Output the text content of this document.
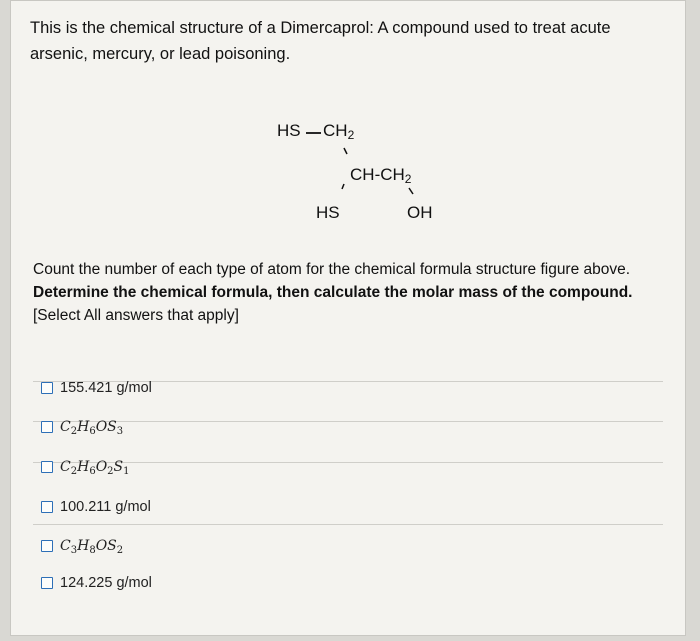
This is the chemical structure of a Dimercaprol: A compound used to treat acute arsenic, mercury, or lead poisoning.
HS $CH_2$
$CH-CH_2$
HS	OH
Count the number of each type of atom for the chemical formula structure figure above. Determine the chemical formula, then calculate the molar mass of the compound. [Select All answers that apply]
155.421 g/mol
$C_2H_6OS_3$
$C_2H_6O_2S_1$
100.211 g/mol
$C_3H_8OS_2$
124.225 g/mol
